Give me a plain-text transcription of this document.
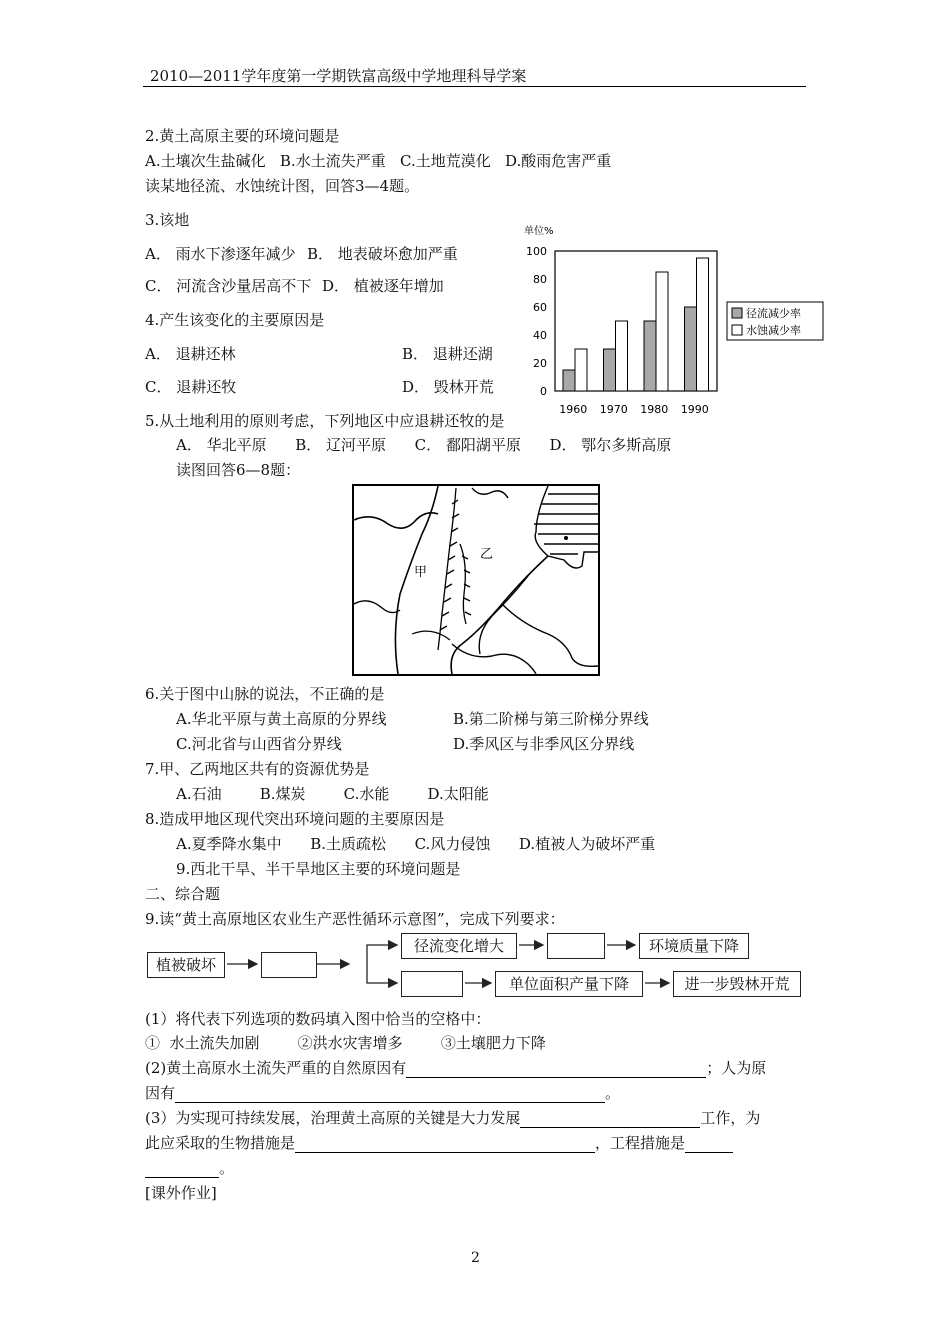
2010—2011学年度第一学期铁富高级中学地理科导学案
2.黄土高原主要的环境问题是
A.土壤次生盐碱化   B.水土流失严重   C.土地荒漠化   D.酸雨危害严重
读某地径流、水蚀统计图，回答3—4题。
3.该地
A． 雨水下渗逐年减少 B． 地表破坏愈加严重
C． 河流含沙量居高不下 D． 植被逐年增加
4.产生该变化的主要原因是
A． 退耕还林	B． 退耕还湖
C． 退耕还牧	D． 毁林开荒
单位%
0
20
40
60
80
100
1960 1970 1980 1990
径流减少率
水蚀减少率
5.从土地利用的原则考虑，下列地区中应退耕还牧的是
A． 华北平原      B． 辽河平原      C． 鄱阳湖平原      D． 鄂尔多斯高原
读图回答6—8题：
甲
乙
6.关于图中山脉的说法，不正确的是
A.华北平原与黄土高原的分界线	B.第二阶梯与第三阶梯分界线
C.河北省与山西省分界线	D.季风区与非季风区分界线
7.甲、乙两地区共有的资源优势是
A.石油        B.煤炭        C.水能        D.太阳能
8.造成甲地区现代突出环境问题的主要原因是
A.夏季降水集中      B.土质疏松      C.风力侵蚀      D.植被人为破坏严重
9.西北干旱、半干旱地区主要的环境问题是
二、综合题
9.读“黄土高原地区农业生产恶性循环示意图”，完成下列要求：
植被破坏
径流变化增大	环境质量下降
单位面积产量下降	进一步毁林开荒
(1）将代表下列选项的数码填入图中恰当的空格中：
①  水土流失加剧        ②洪水灾害增多        ③土壤肥力下降
(2)黄土高原水土流失严重的自然原因有	；人为原
因有	。
(3）为实现可持续发展，治理黄土高原的关键是大力发展	工作，为
此应采取的生物措施是	，工程措施是
。
[课外作业]
2
